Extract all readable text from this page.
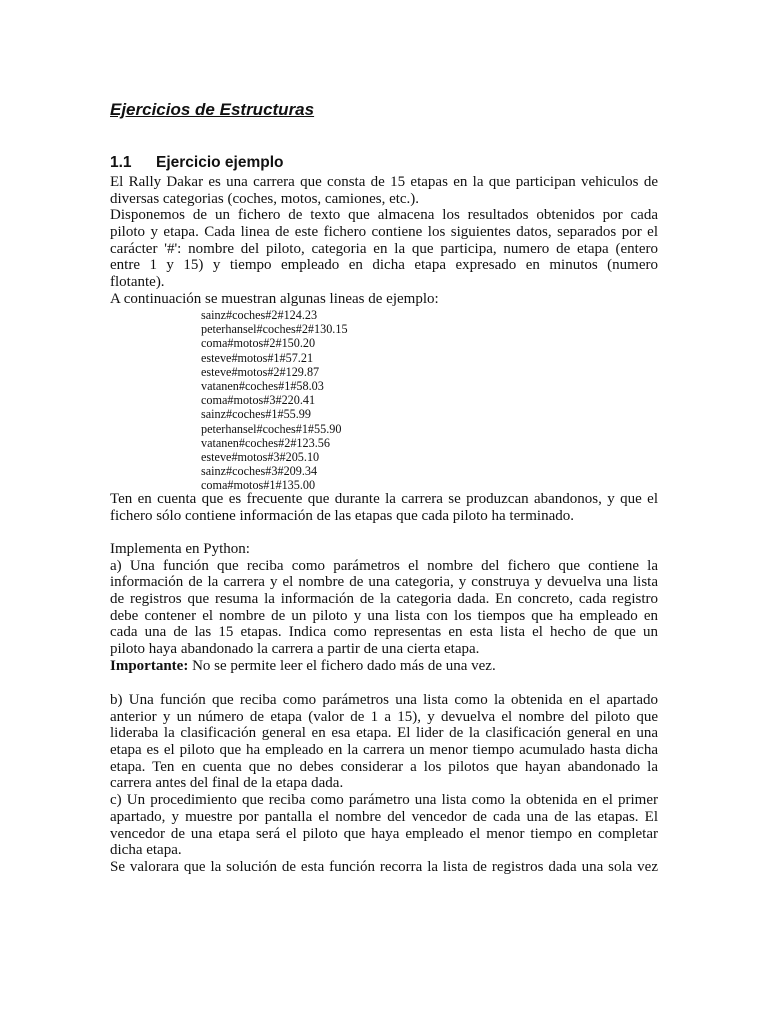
Ejercicios de Estructuras
1.1 Ejercicio ejemplo
El Rally Dakar es una carrera que consta de 15 etapas en la que participan vehiculos de
diversas categorias (coches, motos, camiones, etc.).
Disponemos de un fichero de texto que almacena los resultados obtenidos por cada
piloto y etapa. Cada linea de este fichero contiene los siguientes datos, separados por el
carácter '#': nombre del piloto, categoria en la que participa, numero de etapa (entero
entre 1 y 15) y tiempo empleado en dicha etapa expresado en minutos (numero
flotante).
A continuación se muestran algunas lineas de ejemplo:
sainz#coches#2#124.23
peterhansel#coches#2#130.15
coma#motos#2#150.20
esteve#motos#1#57.21
esteve#motos#2#129.87
vatanen#coches#1#58.03
coma#motos#3#220.41
sainz#coches#1#55.99
peterhansel#coches#1#55.90
vatanen#coches#2#123.56
esteve#motos#3#205.10
sainz#coches#3#209.34
coma#motos#1#135.00
Ten en cuenta que es frecuente que durante la carrera se produzcan abandonos, y que el
fichero sólo contiene información de las etapas que cada piloto ha terminado.
Implementa en Python:
a) Una función que reciba como parámetros el nombre del fichero que contiene la
información de la carrera y el nombre de una categoria, y construya y devuelva una lista
de registros que resuma la información de la categoria dada. En concreto, cada registro
debe contener el nombre de un piloto y una lista con los tiempos que ha empleado en
cada una de las 15 etapas. Indica como representas en esta lista el hecho de que un
piloto haya abandonado la carrera a partir de una cierta etapa.
Importante: No se permite leer el fichero dado más de una vez.
b) Una función que reciba como parámetros una lista como la obtenida en el apartado
anterior y un número de etapa (valor de 1 a 15), y devuelva el nombre del piloto que
lideraba la clasificación general en esa etapa. El lider de la clasificación general en una
etapa es el piloto que ha empleado en la carrera un menor tiempo acumulado hasta dicha
etapa. Ten en cuenta que no debes considerar a los pilotos que hayan abandonado la
carrera antes del final de la etapa dada.
c) Un procedimiento que reciba como parámetro una lista como la obtenida en el primer
apartado, y muestre por pantalla el nombre del vencedor de cada una de las etapas. El
vencedor de una etapa será el piloto que haya empleado el menor tiempo en completar
dicha etapa.
Se valorara que la solución de esta función recorra la lista de registros dada una sola vez
